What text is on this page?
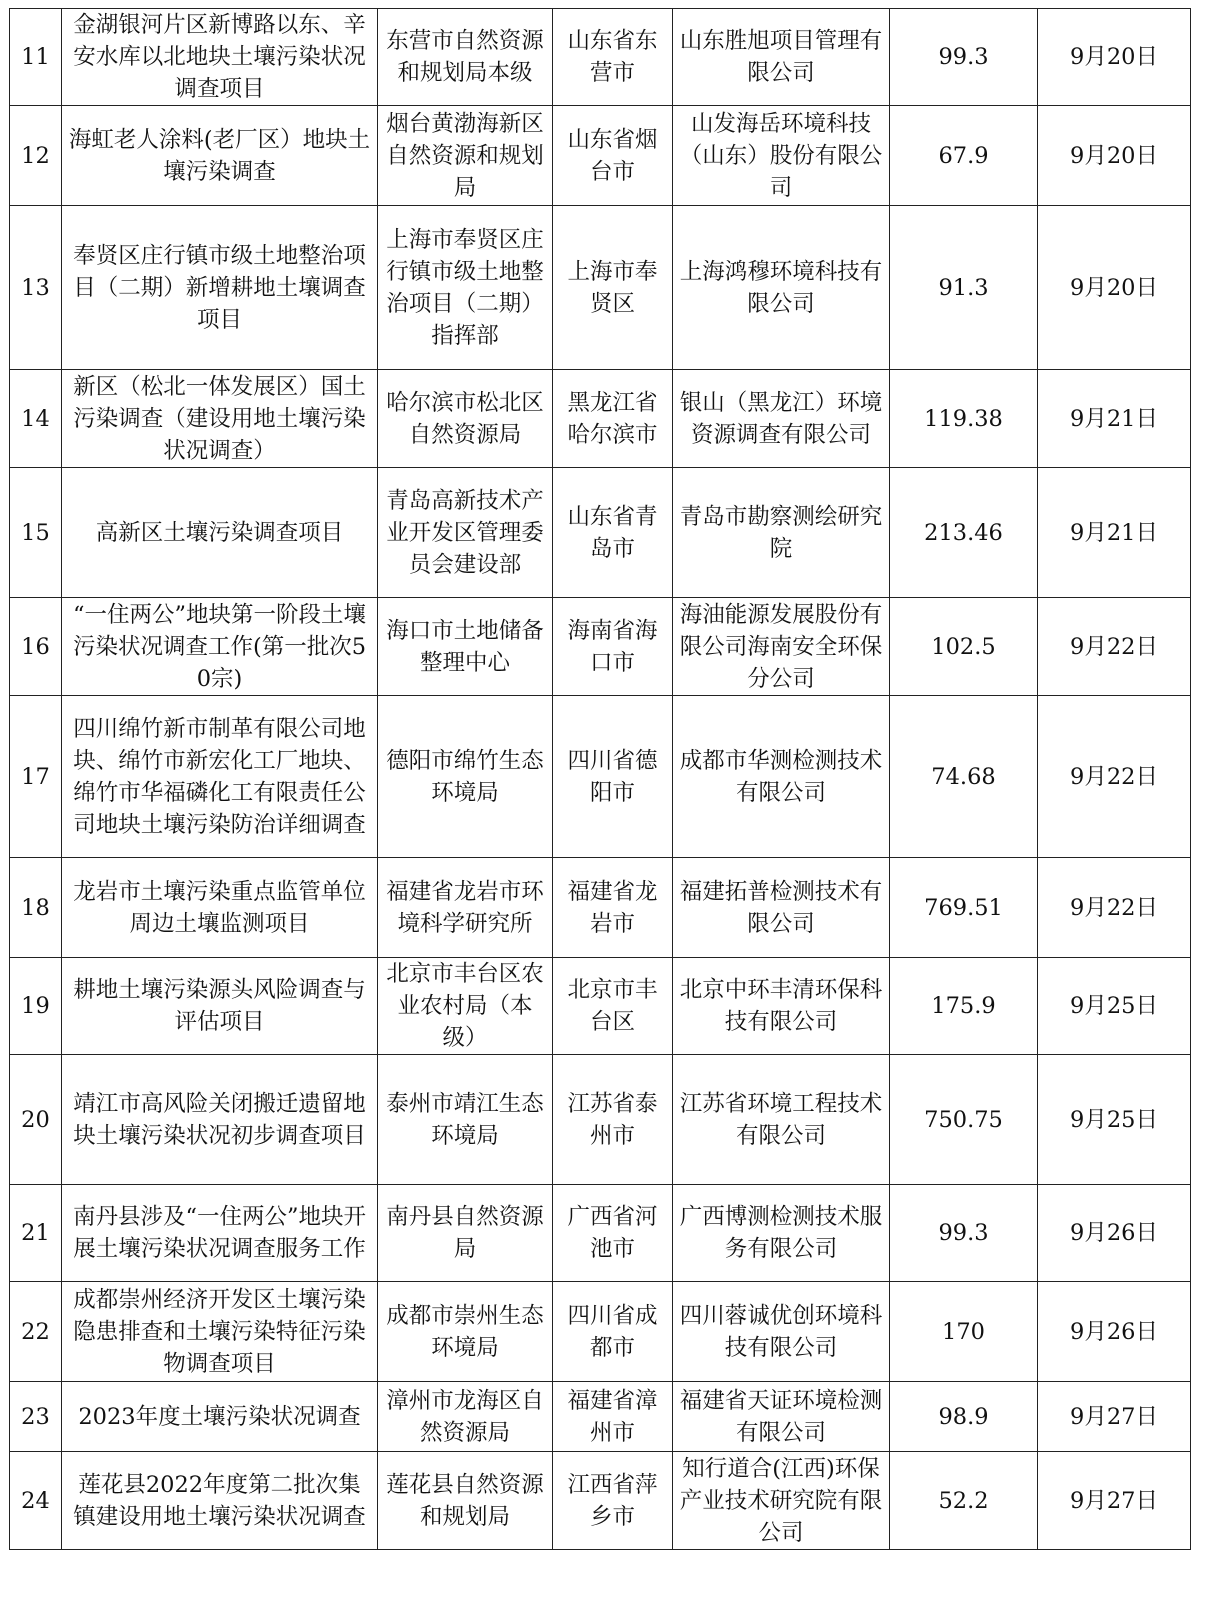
11	金湖银河片区新博路以东、辛安水库以北地块土壤污染状况调查项目	东营市自然资源和规划局本级	山东省东营市	山东胜旭项目管理有限公司	99.3	9月20日
12	海虹老人涂料(老厂区）地块土壤污染调查	烟台黄渤海新区自然资源和规划局	山东省烟台市	山发海岳环境科技（山东）股份有限公司	67.9	9月20日
13	奉贤区庄行镇市级土地整治项目（二期）新增耕地土壤调查项目	上海市奉贤区庄行镇市级土地整治项目（二期）指挥部	上海市奉贤区	上海鸿穆环境科技有限公司	91.3	9月20日
14	新区（松北一体发展区）国土污染调查（建设用地土壤污染状况调查）	哈尔滨市松北区自然资源局	黑龙江省哈尔滨市	银山（黑龙江）环境资源调查有限公司	119.38	9月21日
15	高新区土壤污染调查项目	青岛高新技术产业开发区管理委员会建设部	山东省青岛市	青岛市勘察测绘研究院	213.46	9月21日
16	“一住两公”地块第一阶段土壤污染状况调查工作(第一批次50宗)	海口市土地储备整理中心	海南省海口市	海油能源发展股份有限公司海南安全环保分公司	102.5	9月22日
17	四川绵竹新市制革有限公司地块、绵竹市新宏化工厂地块、绵竹市华福磷化工有限责任公司地块土壤污染防治详细调查	德阳市绵竹生态环境局	四川省德阳市	成都市华测检测技术有限公司	74.68	9月22日
18	龙岩市土壤污染重点监管单位周边土壤监测项目	福建省龙岩市环境科学研究所	福建省龙岩市	福建拓普检测技术有限公司	769.51	9月22日
19	耕地土壤污染源头风险调查与评估项目	北京市丰台区农业农村局（本级）	北京市丰台区	北京中环丰清环保科技有限公司	175.9	9月25日
20	靖江市高风险关闭搬迁遗留地块土壤污染状况初步调查项目	泰州市靖江生态环境局	江苏省泰州市	江苏省环境工程技术有限公司	750.75	9月25日
21	南丹县涉及“一住两公”地块开展土壤污染状况调查服务工作	南丹县自然资源局	广西省河池市	广西博测检测技术服务有限公司	99.3	9月26日
22	成都崇州经济开发区土壤污染隐患排查和土壤污染特征污染物调查项目	成都市崇州生态环境局	四川省成都市	四川蓉诚优创环境科技有限公司	170	9月26日
23	2023年度土壤污染状况调查	漳州市龙海区自然资源局	福建省漳州市	福建省天证环境检测有限公司	98.9	9月27日
24	莲花县2022年度第二批次集镇建设用地土壤污染状况调查	莲花县自然资源和规划局	江西省萍乡市	知行道合(江西)环保产业技术研究院有限公司	52.2	9月27日
